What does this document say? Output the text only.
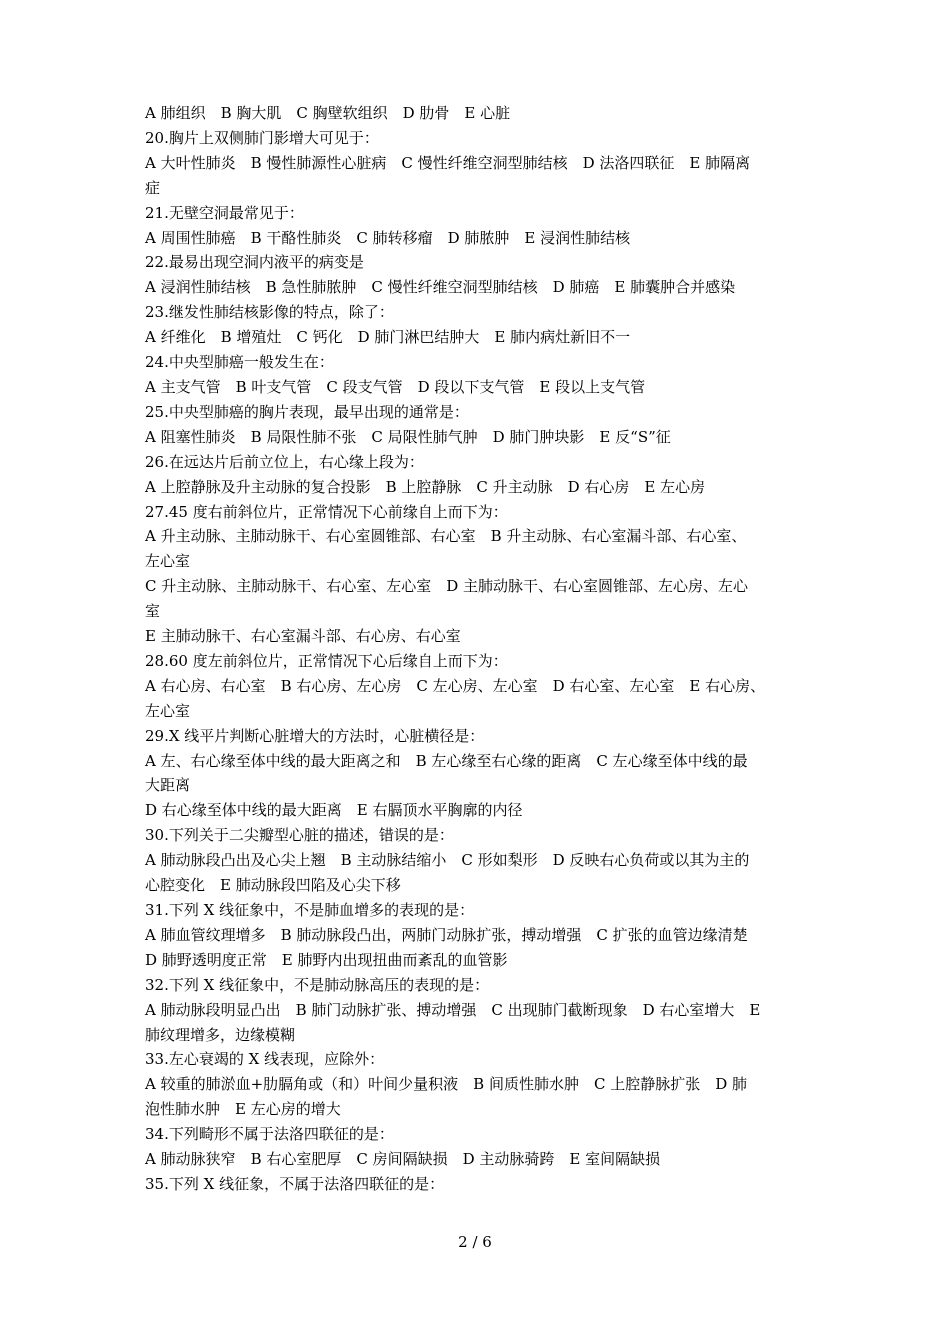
A 肺组织　B 胸大肌　C 胸壁软组织　D 肋骨　E 心脏
20.胸片上双侧肺门影增大可见于：
A 大叶性肺炎　B 慢性肺源性心脏病　C 慢性纤维空洞型肺结核　D 法洛四联征　E 肺隔离
症
21.无壁空洞最常见于：
A 周围性肺癌　B 干酪性肺炎　C 肺转移瘤　D 肺脓肿　E 浸润性肺结核
22.最易出现空洞内液平的病变是
A 浸润性肺结核　B 急性肺脓肿　C 慢性纤维空洞型肺结核　D 肺癌　E 肺囊肿合并感染
23.继发性肺结核影像的特点，除了：
A 纤维化　B 增殖灶　C 钙化　D 肺门淋巴结肿大　E 肺内病灶新旧不一
24.中央型肺癌一般发生在：
A 主支气管　B 叶支气管　C 段支气管　D 段以下支气管　E 段以上支气管
25.中央型肺癌的胸片表现，最早出现的通常是：
A 阻塞性肺炎　B 局限性肺不张　C 局限性肺气肿　D 肺门肿块影　E 反“S”征
26.在远达片后前立位上，右心缘上段为：
A 上腔静脉及升主动脉的复合投影　B 上腔静脉　C 升主动脉　D 右心房　E 左心房
27.45 度右前斜位片，正常情况下心前缘自上而下为：
A 升主动脉、主肺动脉干、右心室圆锥部、右心室　B 升主动脉、右心室漏斗部、右心室、
左心室
C 升主动脉、主肺动脉干、右心室、左心室　D 主肺动脉干、右心室圆锥部、左心房、左心
室
E 主肺动脉干、右心室漏斗部、右心房、右心室
28.60 度左前斜位片，正常情况下心后缘自上而下为：
A 右心房、右心室　B 右心房、左心房　C 左心房、左心室　D 右心室、左心室　E 右心房、
左心室
29.X 线平片判断心脏增大的方法时，心脏横径是：
A 左、右心缘至体中线的最大距离之和　B 左心缘至右心缘的距离　C 左心缘至体中线的最
大距离
D 右心缘至体中线的最大距离　E 右膈顶水平胸廓的内径
30.下列关于二尖瓣型心脏的描述，错误的是：
A 肺动脉段凸出及心尖上翘　B 主动脉结缩小　C 形如梨形　D 反映右心负荷或以其为主的
心腔变化　E 肺动脉段凹陷及心尖下移
31.下列 X 线征象中，不是肺血增多的表现的是：
A 肺血管纹理增多　B 肺动脉段凸出，两肺门动脉扩张，搏动增强　C 扩张的血管边缘清楚
D 肺野透明度正常　E 肺野内出现扭曲而紊乱的血管影
32.下列 X 线征象中，不是肺动脉高压的表现的是：
A 肺动脉段明显凸出　B 肺门动脉扩张、搏动增强　C 出现肺门截断现象　D 右心室增大　E
肺纹理增多，边缘模糊
33.左心衰竭的 X 线表现，应除外：
A 较重的肺淤血+肋膈角或（和）叶间少量积液　B 间质性肺水肿　C 上腔静脉扩张　D 肺
泡性肺水肿　E 左心房的增大
34.下列畸形不属于法洛四联征的是：
A 肺动脉狭窄　B 右心室肥厚　C 房间隔缺损　D 主动脉骑跨　E 室间隔缺损
35.下列 X 线征象，不属于法洛四联征的是：
2 / 6
